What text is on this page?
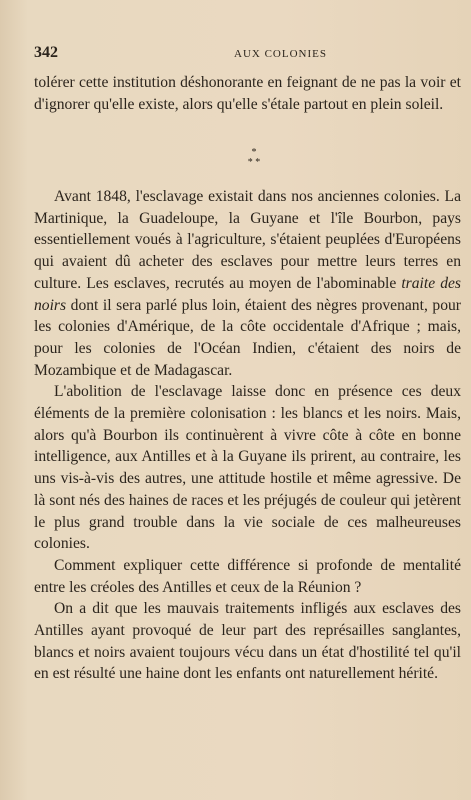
342	AUX COLONIES

tolérer cette institution déshonorante en feignant de ne pas la voir et d'ignorer qu'elle existe, alors qu'elle s'étale partout en plein soleil.

*
* *

Avant 1848, l'esclavage existait dans nos anciennes colonies. La Martinique, la Guadeloupe, la Guyane et l'île Bourbon, pays essentiellement voués à l'agriculture, s'étaient peuplées d'Européens qui avaient dû acheter des esclaves pour mettre leurs terres en culture. Les esclaves, recrutés au moyen de l'abominable traite des noirs dont il sera parlé plus loin, étaient des nègres provenant, pour les colonies d'Amérique, de la côte occidentale d'Afrique ; mais, pour les colonies de l'Océan Indien, c'étaient des noirs de Mozambique et de Madagascar.

L'abolition de l'esclavage laisse donc en présence ces deux éléments de la première colonisation : les blancs et les noirs. Mais, alors qu'à Bourbon ils continuèrent à vivre côte à côte en bonne intelligence, aux Antilles et à la Guyane ils prirent, au contraire, les uns vis-à-vis des autres, une attitude hostile et même agressive. De là sont nés des haines de races et les préjugés de couleur qui jetèrent le plus grand trouble dans la vie sociale de ces malheureuses colonies.

Comment expliquer cette différence si profonde de mentalité entre les créoles des Antilles et ceux de la Réunion ?

On a dit que les mauvais traitements infligés aux esclaves des Antilles ayant provoqué de leur part des représailles sanglantes, blancs et noirs avaient toujours vécu dans un état d'hostilité tel qu'il en est résulté une haine dont les enfants ont naturellement hérité.
